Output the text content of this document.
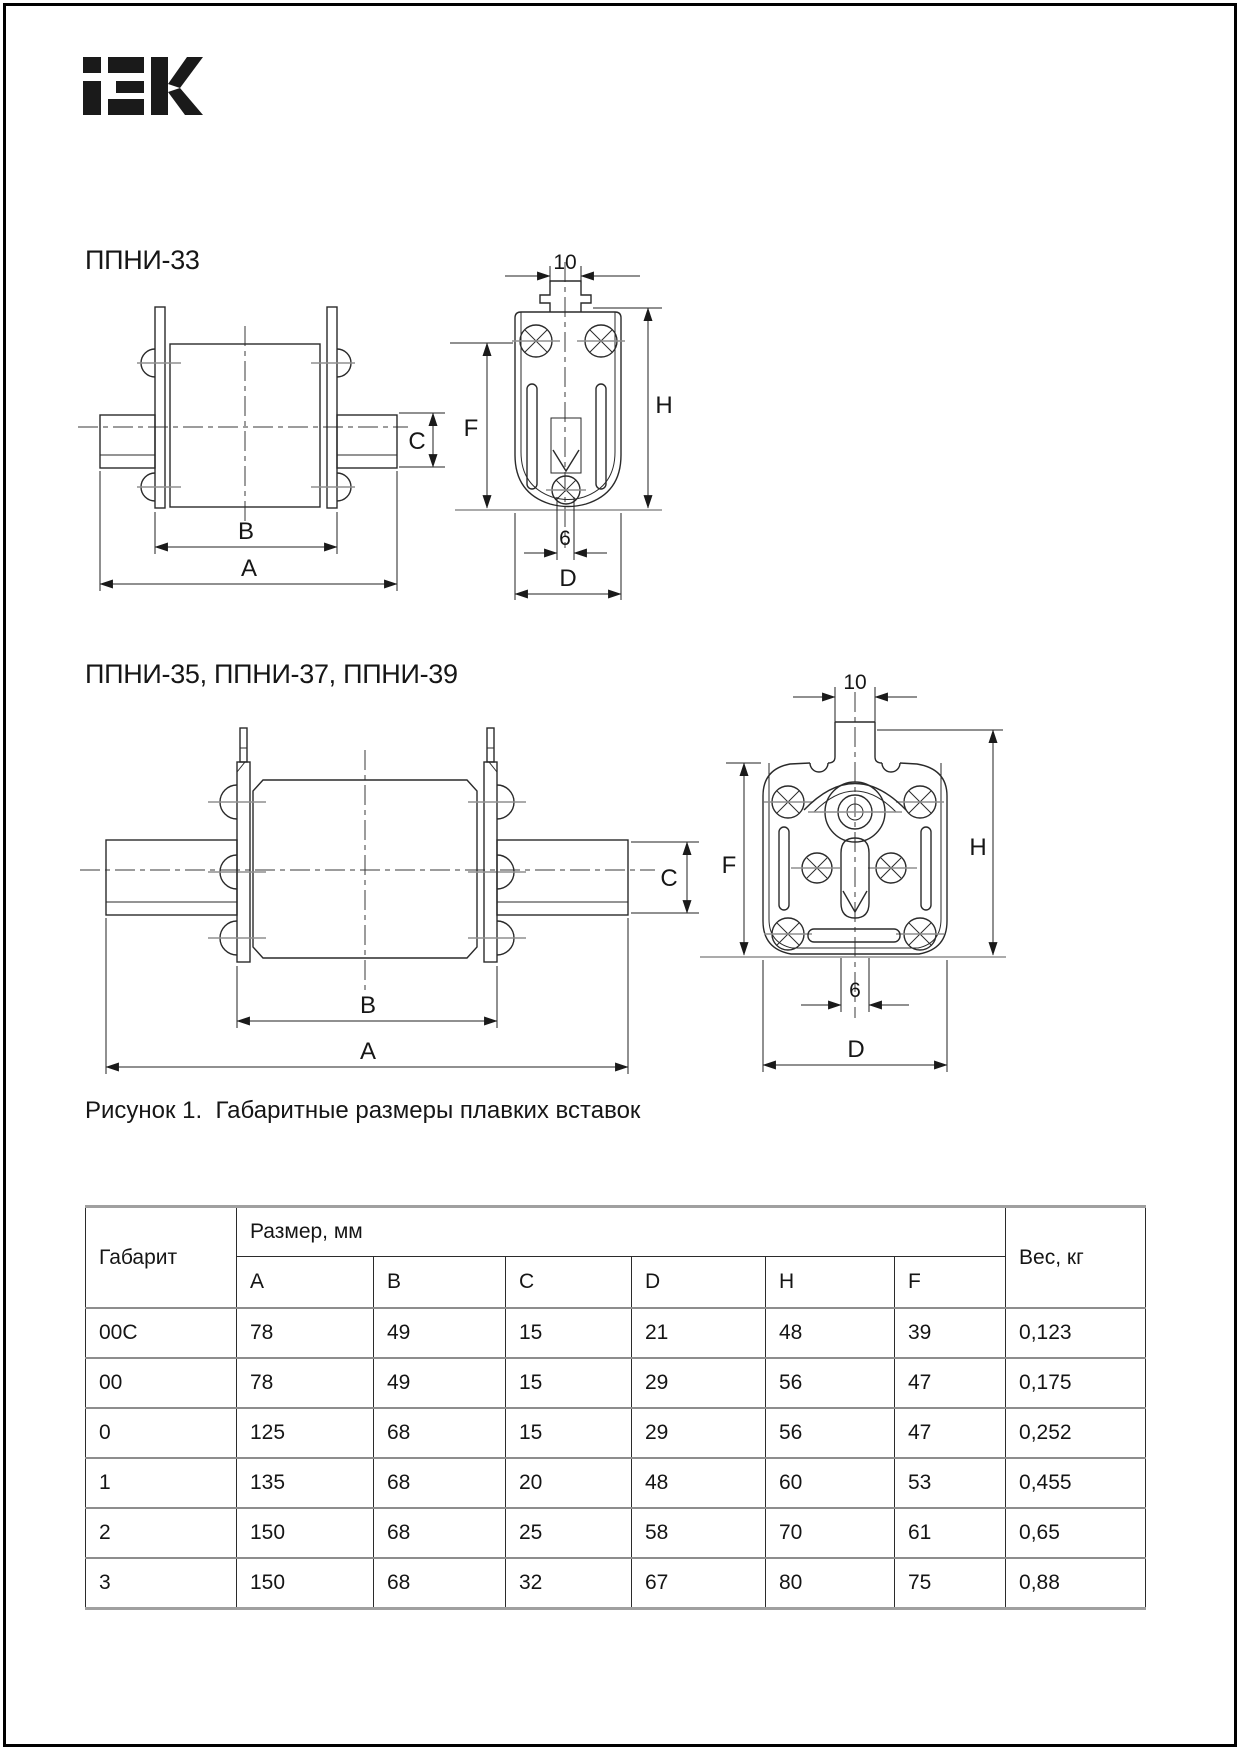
ППНИ-33
C
B
A
10
F
H
6
D
ППНИ-35, ППНИ-37, ППНИ-39
C
B
A
10
F
H
6
D
Рисунок 1.  Габаритные размеры плавких вставок
Габарит	Размер, мм						Вес, кг
	A	B	C	D	H	F	
00C	78	49	15	21	48	39	0,123
00	78	49	15	29	56	47	0,175
0	125	68	15	29	56	47	0,252
1	135	68	20	48	60	53	0,455
2	150	68	25	58	70	61	0,65
3	150	68	32	67	80	75	0,88
